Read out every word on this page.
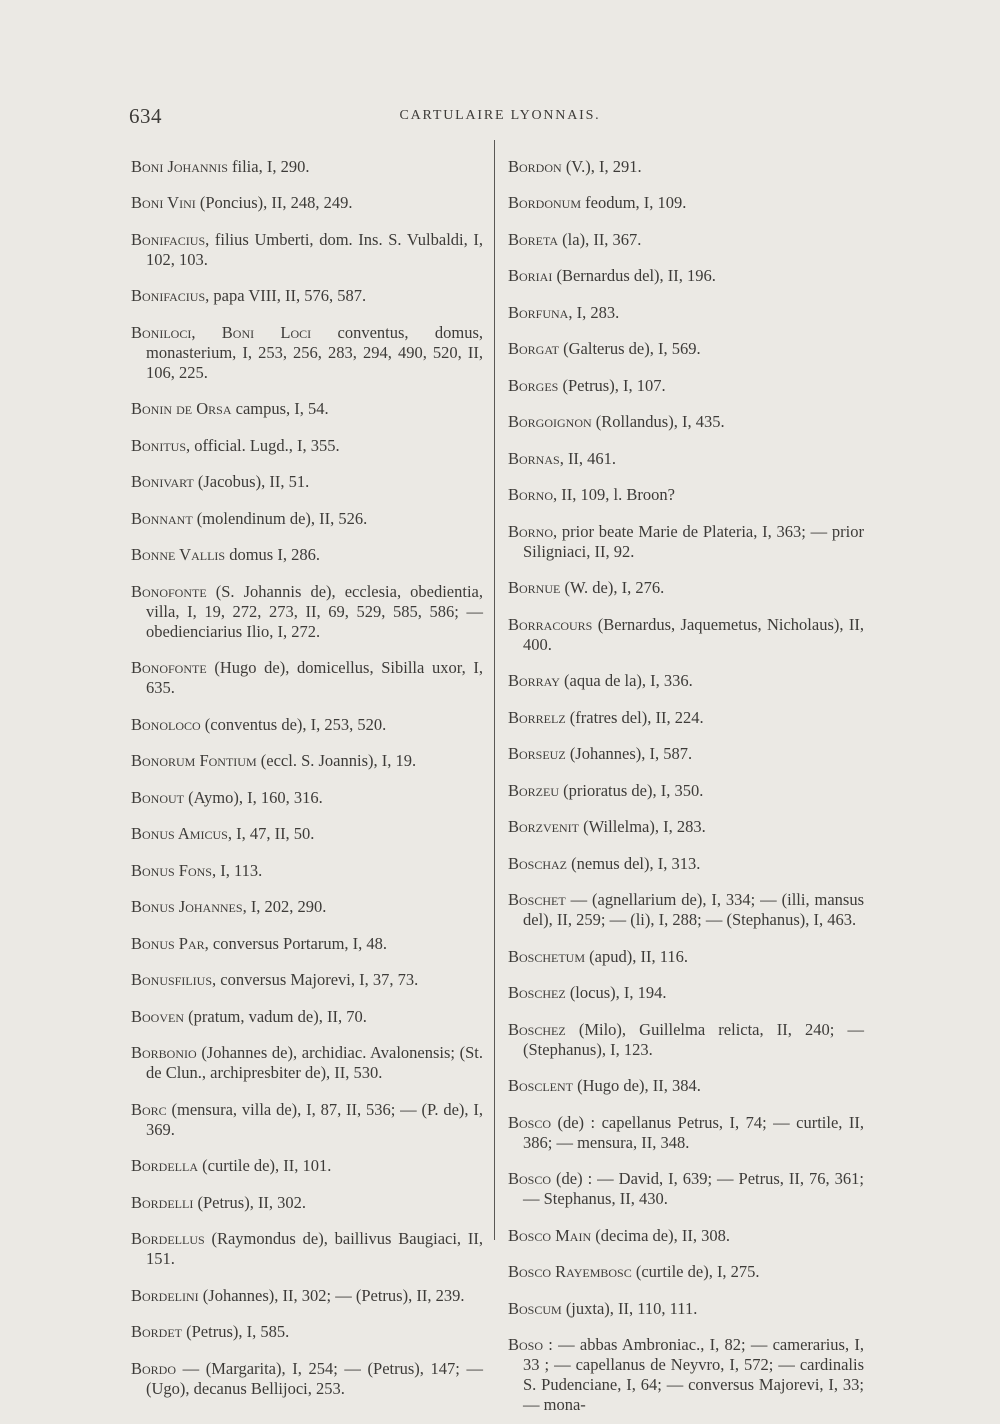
634	CARTULAIRE LYONNAIS.

Boni Johannis filia, I, 290.

Boni Vini (Poncius), II, 248, 249.

Bonifacius, filius Umberti, dom. Ins. S. Vulbaldi, I, 102, 103.

Bonifacius, papa VIII, II, 576, 587.

Boniloci, Boni Loci conventus, domus, monasterium, I, 253, 256, 283, 294, 490, 520, II, 106, 225.

Bonin de Orsa campus, I, 54.

Bonitus, official. Lugd., I, 355.

Bonivart (Jacobus), II, 51.

Bonnant (molendinum de), II, 526.

Bonne Vallis domus I, 286.

Bonofonte (S. Johannis de), ecclesia, obedientia, villa, I, 19, 272, 273, II, 69, 529, 585, 586; — obedienciarius Ilio, I, 272.

Bonofonte (Hugo de), domicellus, Sibilla uxor, I, 635.

Bonoloco (conventus de), I, 253, 520.

Bonorum Fontium (eccl. S. Joannis), I, 19.

Bonout (Aymo), I, 160, 316.

Bonus Amicus, I, 47, II, 50.

Bonus Fons, I, 113.

Bonus Johannes, I, 202, 290.

Bonus Par, conversus Portarum, I, 48.

Bonusfilius, conversus Majorevi, I, 37, 73.

Booven (pratum, vadum de), II, 70.

Borbonio (Johannes de), archidiac. Avalonensis; (St. de Clun., archipresbiter de), II, 530.

Borc (mensura, villa de), I, 87, II, 536; — (P. de), I, 369.

Bordella (curtile de), II, 101.

Bordelli (Petrus), II, 302.

Bordellus (Raymondus de), baillivus Baugiaci, II, 151.

Bordelini (Johannes), II, 302; — (Petrus), II, 239.

Bordet (Petrus), I, 585.

Bordo — (Margarita), I, 254; — (Petrus), 147; — (Ugo), decanus Bellijoci, 253.

Bordon (V.), I, 291.

Bordonum feodum, I, 109.

Boreta (la), II, 367.

Boriai (Bernardus del), II, 196.

Borfuna, I, 283.

Borgat (Galterus de), I, 569.

Borges (Petrus), I, 107.

Borgoignon (Rollandus), I, 435.

Bornas, II, 461.

Borno, II, 109, l. Broon?

Borno, prior beate Marie de Plateria, I, 363; — prior Siligniaci, II, 92.

Bornue (W. de), I, 276.

Borracours (Bernardus, Jaquemetus, Nicholaus), II, 400.

Borray (aqua de la), I, 336.

Borrelz (fratres del), II, 224.

Borseuz (Johannes), I, 587.

Borzeu (prioratus de), I, 350.

Borzvenit (Willelma), I, 283.

Boschaz (nemus del), I, 313.

Boschet — (agnellarium de), I, 334; — (illi, mansus del), II, 259; — (li), I, 288; — (Stephanus), I, 463.

Boschetum (apud), II, 116.

Boschez (locus), I, 194.

Boschez (Milo), Guillelma relicta, II, 240; — (Stephanus), I, 123.

Bosclent (Hugo de), II, 384.

Bosco (de) : capellanus Petrus, I, 74; — curtile, II, 386; — mensura, II, 348.

Bosco (de) : — David, I, 639; — Petrus, II, 76, 361; — Stephanus, II, 430.

Bosco Main (decima de), II, 308.

Bosco Rayembosc (curtile de), I, 275.

Boscum (juxta), II, 110, 111.

Boso : — abbas Ambroniac., I, 82; — camerarius, I, 33 ; — capellanus de Neyvro, I, 572; — cardinalis S. Pudenciane, I, 64; — conversus Majorevi, I, 33; — mona-
